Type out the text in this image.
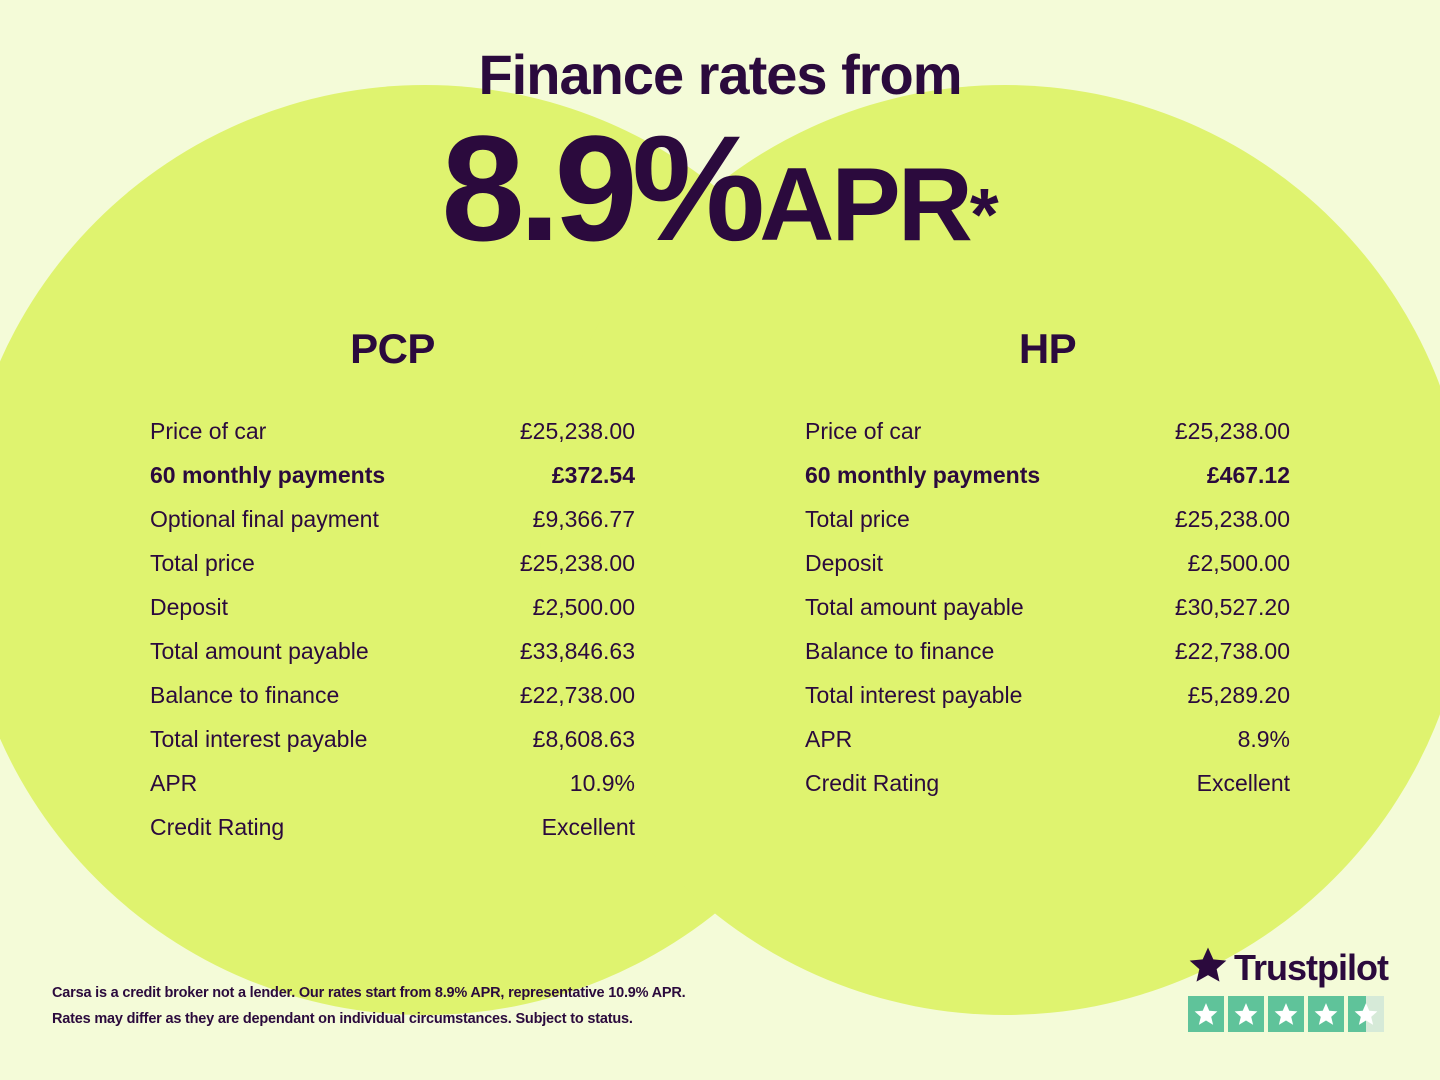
Finance rates from
8.9%APR*
PCP
Price of car	£25,238.00
60 monthly payments	£372.54
Optional final payment	£9,366.77
Total price	£25,238.00
Deposit	£2,500.00
Total amount payable	£33,846.63
Balance to finance	£22,738.00
Total interest payable	£8,608.63
APR	10.9%
Credit Rating	Excellent
HP
Price of car	£25,238.00
60 monthly payments	£467.12
Total price	£25,238.00
Deposit	£2,500.00
Total amount payable	£30,527.20
Balance to finance	£22,738.00
Total interest payable	£5,289.20
APR	8.9%
Credit Rating	Excellent
Carsa is a credit broker not a lender. Our rates start from 8.9% APR, representative 10.9% APR.
Rates may differ as they are dependant on individual circumstances. Subject to status.
Trustpilot
